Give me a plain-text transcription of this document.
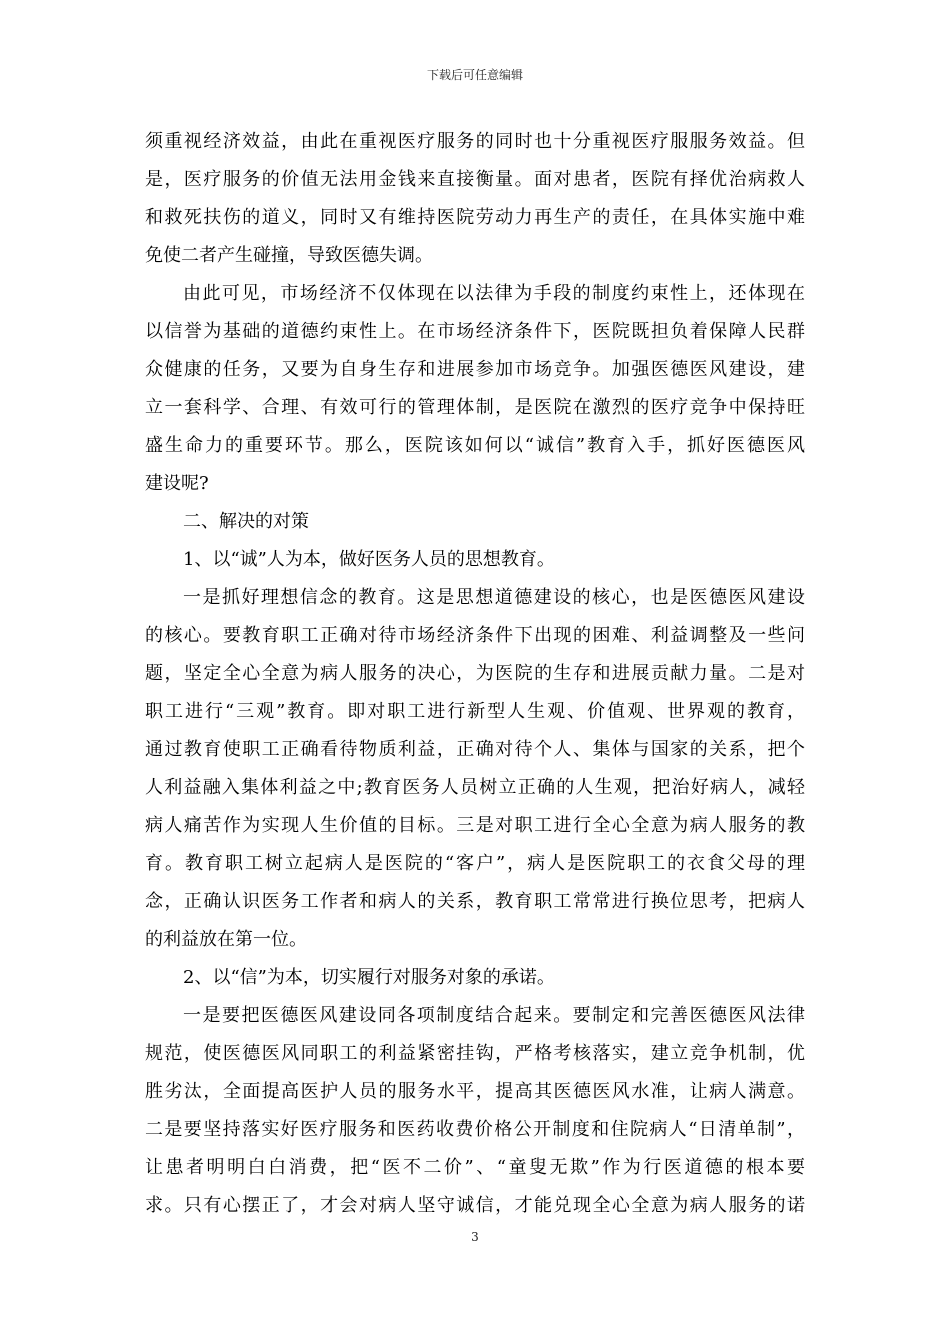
下载后可任意编辑

须重视经济效益，由此在重视医疗服务的同时也十分重视医疗服服务效益。但

是，医疗服务的价值无法用金钱来直接衡量。面对患者，医院有择优治病救人

和救死扶伤的道义，同时又有维持医院劳动力再生产的责任，在具体实施中难

免使二者产生碰撞，导致医德失调。

由此可见，市场经济不仅体现在以法律为手段的制度约束性上，还体现在

以信誉为基础的道德约束性上。在市场经济条件下，医院既担负着保障人民群

众健康的任务，又要为自身生存和进展参加市场竞争。加强医德医风建设，建

立一套科学、合理、有效可行的管理体制，是医院在激烈的医疗竞争中保持旺

盛生命力的重要环节。那么，医院该如何以“诚信”教育入手，抓好医德医风

建设呢?

二、解决的对策

1、以“诚”人为本，做好医务人员的思想教育。

一是抓好理想信念的教育。这是思想道德建设的核心，也是医德医风建设

的核心。要教育职工正确对待市场经济条件下出现的困难、利益调整及一些问

题，坚定全心全意为病人服务的决心，为医院的生存和进展贡献力量。二是对

职工进行“三观”教育。即对职工进行新型人生观、价值观、世界观的教育，

通过教育使职工正确看待物质利益，正确对待个人、集体与国家的关系，把个

人利益融入集体利益之中;教育医务人员树立正确的人生观，把治好病人，减轻

病人痛苦作为实现人生价值的目标。三是对职工进行全心全意为病人服务的教

育。教育职工树立起病人是医院的“客户”，病人是医院职工的衣食父母的理

念，正确认识医务工作者和病人的关系，教育职工常常进行换位思考，把病人

的利益放在第一位。

2、以“信”为本，切实履行对服务对象的承诺。

一是要把医德医风建设同各项制度结合起来。要制定和完善医德医风法律

规范，使医德医风同职工的利益紧密挂钩，严格考核落实，建立竞争机制，优

胜劣汰，全面提高医护人员的服务水平，提高其医德医风水准，让病人满意。

二是要坚持落实好医疗服务和医药收费价格公开制度和住院病人“日清单制”，

让患者明明白白消费，把“医不二价”、“童叟无欺”作为行医道德的根本要

求。只有心摆正了，才会对病人坚守诚信，才能兑现全心全意为病人服务的诺

3
